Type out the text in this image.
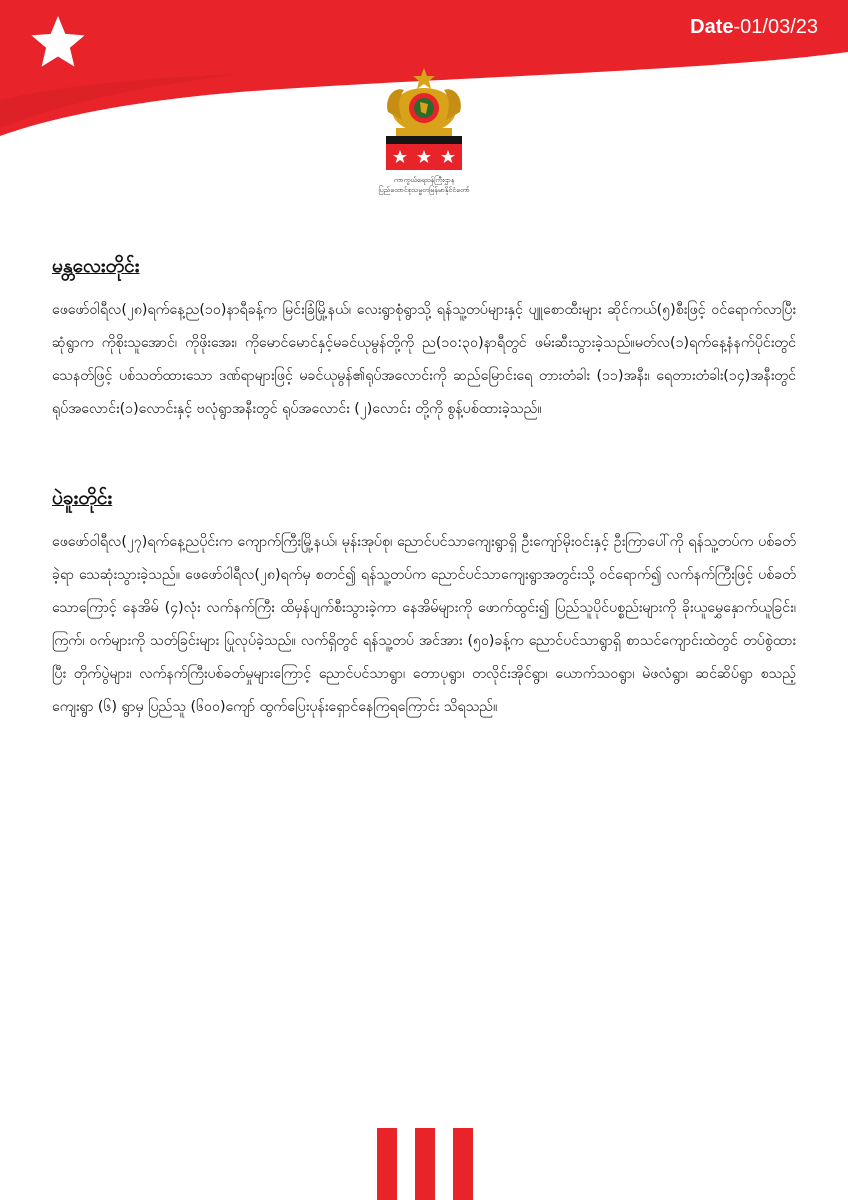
Date-01/03/23
ကာကွယ်ရေးဝန်ကြီးဌာန
ပြည်ထောင်စုသမ္မတမြန်မာနိုင်ငံတော်
မန္တလေးတိုင်း

ဖေဖော်ဝါရီလ(၂၈)ရက်နေ့ည(၁၀)နာရီခန့်က မြင်းခြံမြို့နယ်၊ လေးရွာစုံရွာသို့ ရန်သူ့တပ်များနှင့် ပျူစောထီးများ ဆိုင်ကယ်(၅)စီးဖြင့် ဝင်ရောက်လာပြီး ဆုံရွာက ကိုစိုးသူအောင်၊ ကိုဖိုးအေး၊ ကိုမောင်မောင်နှင့်မခင်ယုမွန်တို့ကို ည(၁၀:၃၀)နာရီတွင် ဖမ်းဆီးသွားခဲ့သည်။မတ်လ(၁)ရက်နေ့နံနက်ပိုင်းတွင် သေနတ်ဖြင့် ပစ်သတ်ထားသော ဒဏ်ရာများဖြင့် မခင်ယုမွန်၏ရုပ်အလောင်းကို ဆည်မြောင်းရေ တားတံခါး (၁၁)အနီး၊ ရေတားတံခါး(၁၄)အနီးတွင် ရုပ်အလောင်း(၁)လောင်းနှင့် ဗလုံရွာအနီးတွင် ရုပ်အလောင်း (၂)လောင်း တို့ကို စွန့်ပစ်ထားခဲ့သည်။

ပဲခူးတိုင်း

ဖေဖော်ဝါရီလ(၂၇)ရက်နေ့ညပိုင်းက ကျောက်ကြီးမြို့နယ်၊ မုန်းအုပ်စု၊ ညောင်ပင်သာကျေးရွာရှိ ဦးကျော်မိုးဝင်းနှင့် ဦးကြာပေါ်ကို ရန်သူ့တပ်က ပစ်ခတ်ခဲ့ရာ သေဆုံးသွားခဲ့သည်။ ဖေဖော်ဝါရီလ(၂၈)ရက်မှ စတင်၍ ရန်သူ့တပ်က ညောင်ပင်သာကျေးရွာအတွင်းသို့ ဝင်ရောက်၍ လက်နက်ကြီးဖြင့် ပစ်ခတ်သောကြောင့် နေအိမ် (၄)လုံး လက်နက်ကြီး ထိမှန်ပျက်စီးသွားခဲ့ကာ နေအိမ်များကို ဖောက်ထွင်း၍ ပြည်သူပိုင်ပစ္စည်းများကို ခိုးယူမွှေနှောက်ယူခြင်း၊ ကြက်၊ ဝက်များကို သတ်ခြင်းများ ပြုလုပ်ခဲ့သည်။ လက်ရှိတွင် ရန်သူ့တပ် အင်အား (၅၀)ခန့်က ညောင်ပင်သာရွာရှိ စာသင်ကျောင်းထဲတွင် တပ်စွဲထားပြီး တိုက်ပွဲများ၊ လက်နက်ကြီးပစ်ခတ်မှုများကြောင့် ညောင်ပင်သာရွာ၊ တောပုရွာ၊ တလိုင်းအိုင်ရွာ၊ ယောက်သဝရွာ၊ မဲဖလံရွာ၊ ဆင်ဆိပ်ရွာ စသည့် ကျေးရွာ (၆) ရွာမှ ပြည်သူ (၆၀၀)ကျော် ထွက်ပြေးပုန်းရှောင်နေကြရကြောင်း သိရသည်။
